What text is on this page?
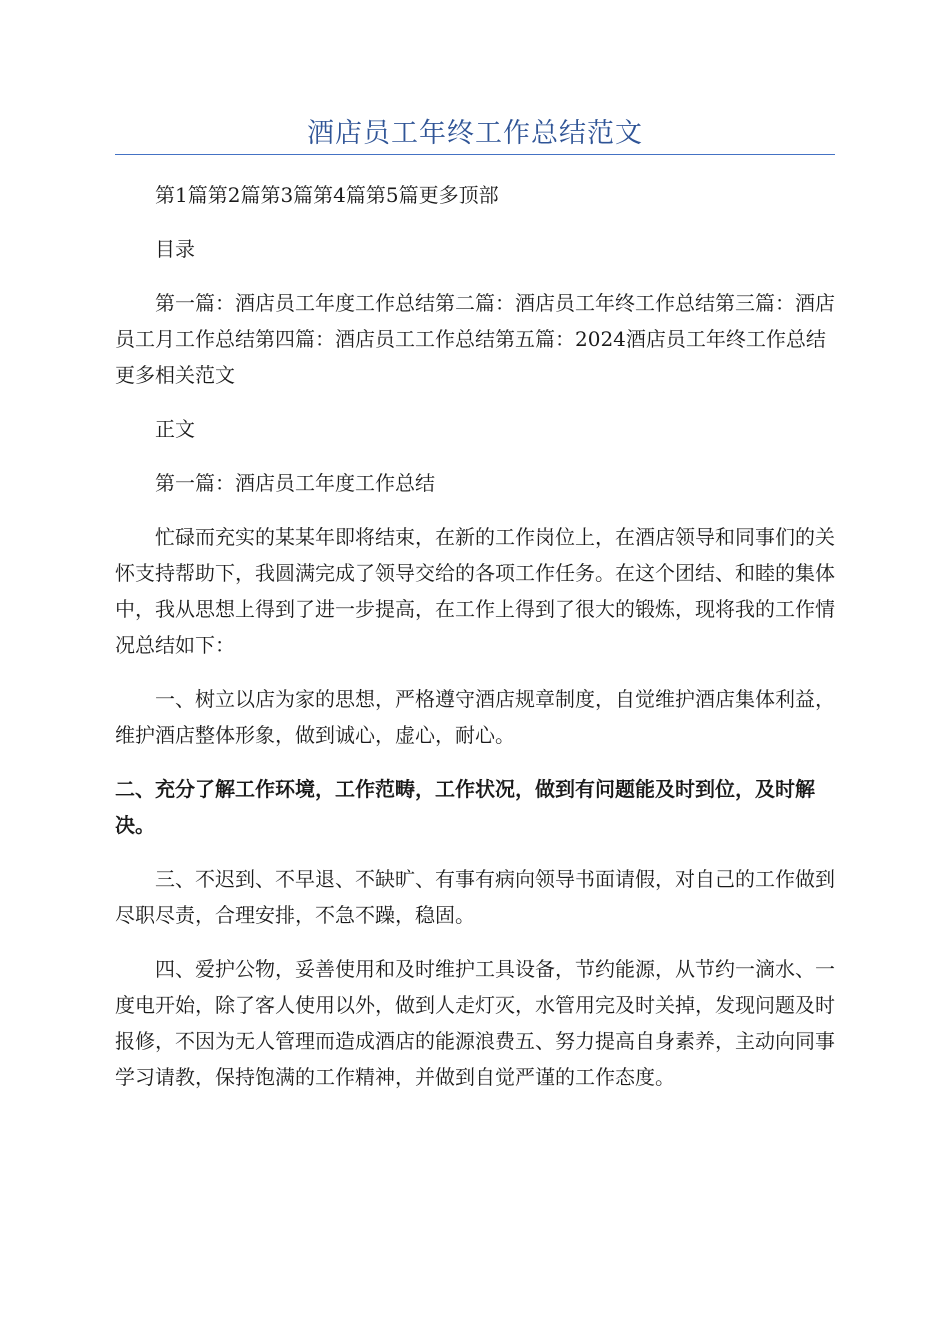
酒店员工年终工作总结范文

第1篇第2篇第3篇第4篇第5篇更多顶部

目录

第一篇：酒店员工年度工作总结第二篇：酒店员工年终工作总结第三篇：酒店员工月工作总结第四篇：酒店员工工作总结第五篇：2024酒店员工年终工作总结更多相关范文

正文

第一篇：酒店员工年度工作总结

忙碌而充实的某某年即将结束，在新的工作岗位上，在酒店领导和同事们的关怀支持帮助下，我圆满完成了领导交给的各项工作任务。在这个团结、和睦的集体中，我从思想上得到了进一步提高，在工作上得到了很大的锻炼，现将我的工作情况总结如下：

一、树立以店为家的思想，严格遵守酒店规章制度，自觉维护酒店集体利益，维护酒店整体形象，做到诚心，虚心，耐心。

二、充分了解工作环境，工作范畴，工作状况，做到有问题能及时到位，及时解决。

三、不迟到、不早退、不缺旷、有事有病向领导书面请假，对自己的工作做到尽职尽责，合理安排，不急不躁，稳固。

四、爱护公物，妥善使用和及时维护工具设备，节约能源，从节约一滴水、一度电开始，除了客人使用以外，做到人走灯灭，水管用完及时关掉，发现问题及时报修，不因为无人管理而造成酒店的能源浪费五、努力提高自身素养，主动向同事学习请教，保持饱满的工作精神，并做到自觉严谨的工作态度。
